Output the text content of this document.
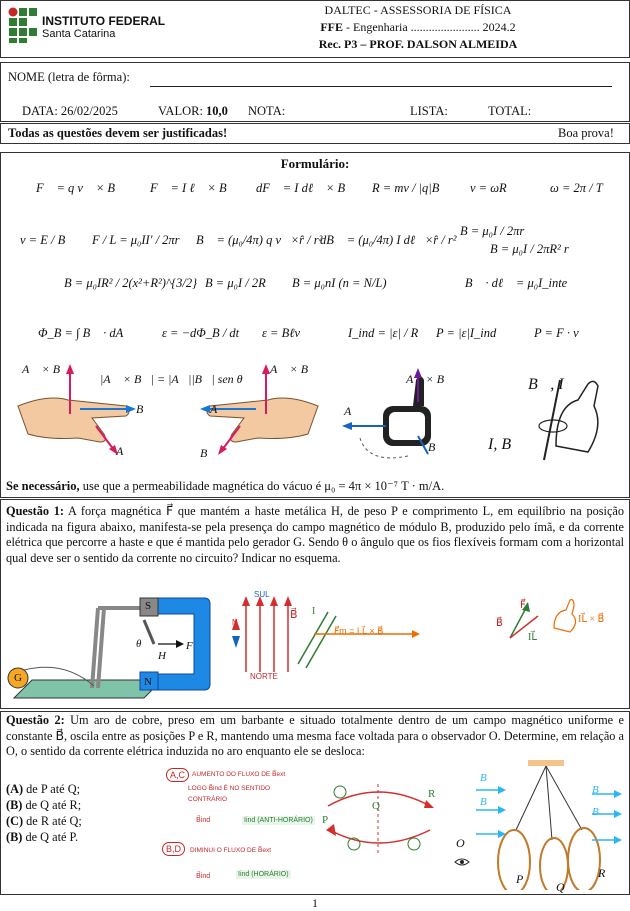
INSTITUTO FEDERAL
Santa Catarina
DALTEC - ASSESSORIA DE FÍSICA
FFE - Engenharia ....................... 2024.2
Rec. P3 – PROF. DALSON ALMEIDA
NOME (letra de fôrma):
DATA: 26/02/2025	VALOR: 10,0 NOTA:	LISTA:	TOTAL:
Todas as questões devem ser justificadas!	Boa prova!
Formulário:
F⃗ = q v⃗ × B⃗ F⃗ = I ℓ⃗ × B⃗ dF⃗ = I dℓ⃗ × B⃗ R = mv / |q|B v = ωR	ω = 2π / T
v = E / B F / L = μ₀II′ / 2πr B⃗ = (μ₀/4π) q v⃗×r̂ / r²
dB⃗ = (μ₀/4π) I dℓ⃗×r̂ / r²
B = μ₀I / 2πr
B = μ₀I / 2πR² r
B = μ₀IR² / 2(x²+R²)^{3/2} B = μ₀I / 2R B = μ₀nI (n = N/L)	∮ B⃗ · dℓ⃗ = μ₀I_inte
Φ_B = ∫ B⃗ · dA⃗ ε = −dΦ_B / dt ε = Bℓv	I_ind = |ε| / R P = |ε|I_ind	P = F · v
A⃗ × B⃗
|A⃗ × B⃗| = |A⃗||B⃗| sen θ
A⃗ × B⃗
B⃗
A⃗
A⃗
B⃗
A⃗ × B⃗
A⃗
B⃗
B⃗, I
I, B⃗
Se necessário, use que a permeabilidade magnética do vácuo é μ₀ = 4π × 10⁻⁷ T · m/A.
Questão 1: A força magnética F⃗ que mantém a haste metálica H, de peso P e comprimento L, em equilíbrio na posição indicada na figura abaixo, manifesta-se pela presença do campo magnético de módulo B, produzido pelo ímã, e da corrente elétrica que percorre a haste e que é mantida pelo gerador G. Sendo θ o ângulo que os fios flexíveis formam com a horizontal qual deve ser o sentido da corrente no circuito? Indicar no esquema.
S
N
G
H
F
θ
SUL
NORTE
N
B⃗ I
F⃗m = I L⃗ × B⃗
B⃗
F⃗
IL⃗
IL⃗ × B⃗
Questão 2: Um aro de cobre, preso em um barbante e situado totalmente dentro de um campo magnético uniforme e constante B⃗, oscila entre as posições P e R, mantendo uma mesma face voltada para o observador O. Determine, em relação a O, o sentido da corrente elétrica induzida no aro enquanto ele se desloca:
(A) de P até Q;
(B) de Q até R;
(C) de R até Q;
(B) de Q até P.
A,C	AUMENTO DO FLUXO DE B⃗ext
LOGO B⃗ind É NO SENTIDO
CONTRÁRIO
B⃗ind	Iind (ANTI-HORÁRIO)
B,D	DIMINUI O FLUXO DE B⃗ext
B⃗ind	Iind (HORÁRIO)
P
Q
R
O
B⃗
B⃗
B⃗
B⃗
P
Q
R
1
